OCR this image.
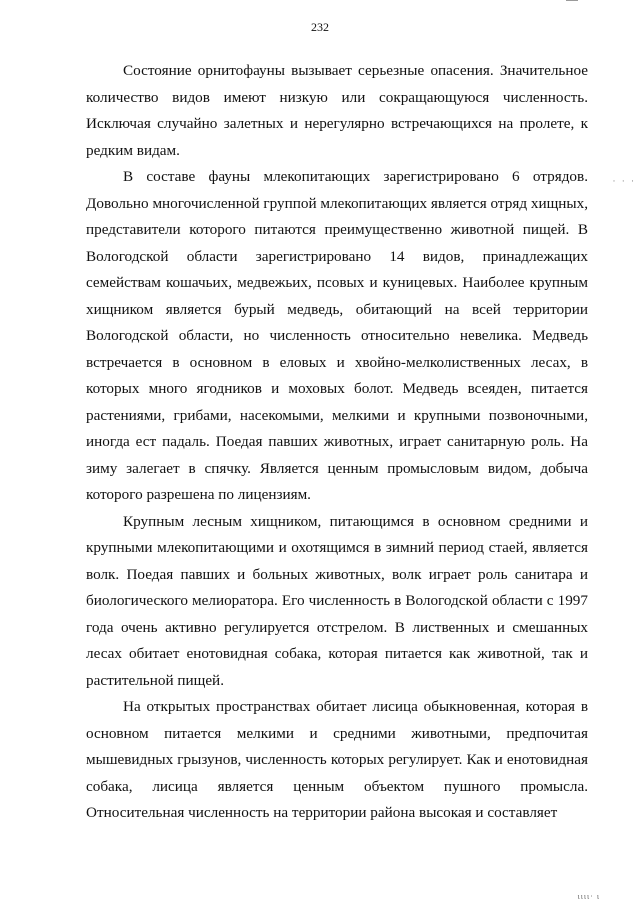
232

Состояние орнитофауны вызывает серьезные опасения. Значительное количество видов имеют низкую или сокращающуюся численность. Исключая случайно залетных и нерегулярно встречающихся на пролете, к редким видам.

В составе фауны млекопитающих зарегистрировано 6 отрядов. Довольно многочисленной группой млекопитающих является отряд хищных, представители которого питаются преимущественно животной пищей. В Вологодской области зарегистрировано 14 видов, принадлежащих семействам кошачьих, медвежьих, псовых и куницевых. Наиболее крупным хищником является бурый медведь, обитающий на всей территории Вологодской области, но численность относительно невелика. Медведь встречается в основном в еловых и хвойно-мелколиственных лесах, в которых много ягодников и моховых болот. Медведь всеяден, питается растениями, грибами, насекомыми, мелкими и крупными позвоночными, иногда ест падаль. Поедая павших животных, играет санитарную роль. На зиму залегает в спячку. Является ценным промысловым видом, добыча которого разрешена по лицензиям.

Крупным лесным хищником, питающимся в основном средними и крупными млекопитающими и охотящимся в зимний период стаей, является волк. Поедая павших и больных животных, волк играет роль санитара и биологического мелиоратора. Его численность в Вологодской области с 1997 года очень активно регулируется отстрелом. В лиственных и смешанных лесах обитает енотовидная собака, которая питается как животной, так и растительной пищей.

На открытых пространствах обитает лисица обыкновенная, которая в основном питается мелкими и средними животными, предпочитая мышевидных грызунов, численность которых регулирует. Как и енотовидная собака, лисица является ценным объектом пушного промысла. Относительная численность на территории района высокая и составляет

· · ·
ιιιι· ι
